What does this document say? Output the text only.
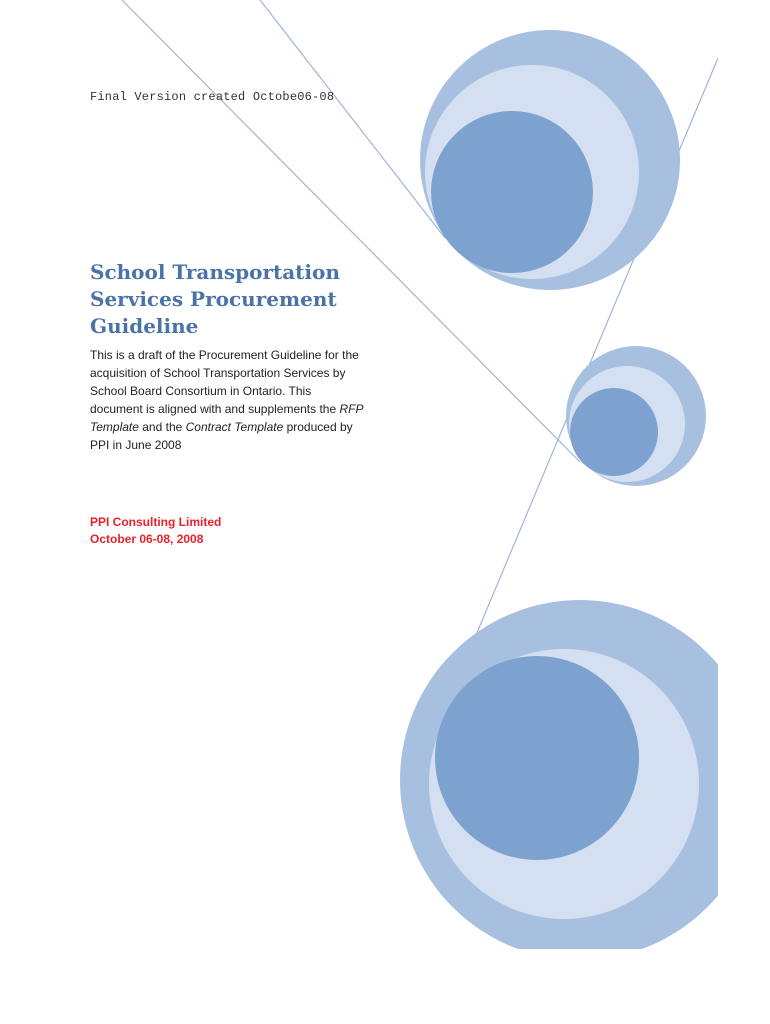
Final Version created Octobe06-08
School Transportation
Services Procurement
Guideline

This is a draft of the Procurement Guideline for the
acquisition of School Transportation Services by
School Board Consortium in Ontario. This
document is aligned with and supplements the RFP
Template and the Contract Template produced by
PPI in June 2008

PPI Consulting Limited
October 06-08, 2008
